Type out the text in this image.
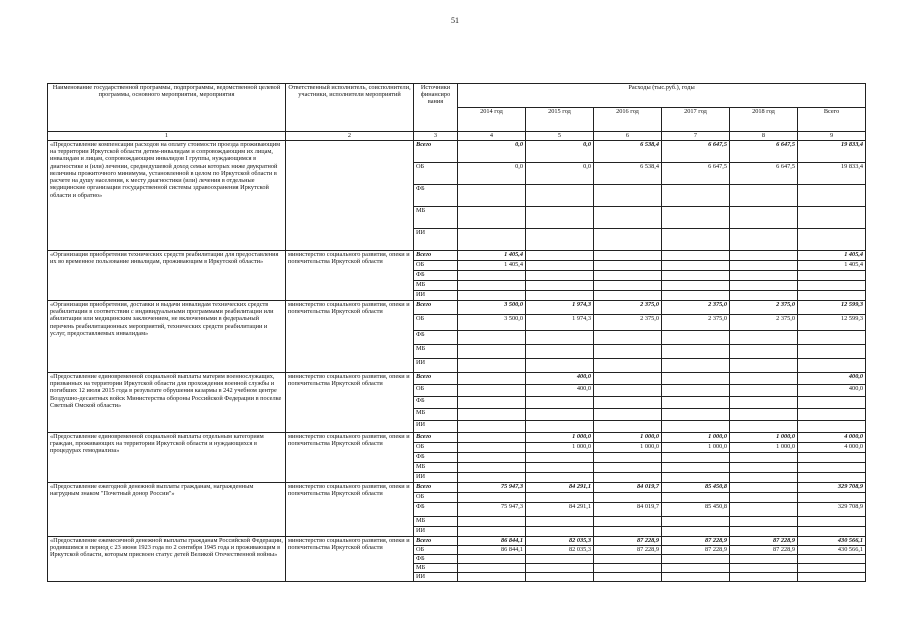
51
Наименование государственной программы, подпрограммы, ведомственной целевой программы, основного мероприятия, мероприятия	Ответственный исполнитель, соисполнители, участники, исполнители мероприятий	Источники финансиро вания	Расходы (тыс.руб.), годы					
			2014 год	2015 год	2016 год	2017 год	2018 год	Всего
1	2	3	4	5	6	7	8	9
«Предоставление компенсации расходов на оплату стоимости проезда проживающим на территории Иркутской области детям-инвалидам и сопровождающим их лицам, инвалидам и лицам, сопровождающим инвалидов I группы, нуждающимся в диагностике и (или) лечении, среднедушевой доход семьи которых ниже двукратной величины прожиточного минимума, установленной в целом по Иркутской области в расчете на душу населения, к месту диагностики (или) лечения в отдельные медицинские организации государственной системы здравоохранения Иркутской области и обратно»		Всего	0,0	0,0	6 538,4	6 647,5	6 647,5	19 833,4
		ОБ	0,0	0,0	6 538,4	6 647,5	6 647,5	19 833,4
		ФБ						
		МБ						
		ИИ						
«Организация приобретения технических средств реабилитации для предоставления их во временное пользование инвалидам, проживающим в Иркутской области»	министерство социального развития, опеки и попечительства Иркутской области	Всего	1 405,4					1 405,4
		ОБ	1 405,4					1 405,4
		ФБ						
		МБ						
		ИИ						
«Организация приобретения, доставки и выдачи инвалидам технических средств реабилитации в соответствии с индивидуальными программами реабилитации или абилитации или медицинским заключением, не включенными в федеральный перечень реабилитационных мероприятий, технических средств реабилитации и услуг, предоставляемых инвалидам»	министерство социального развития, опеки и попечительства Иркутской области	Всего	3 500,0	1 974,3	2 375,0	2 375,0	2 375,0	12 599,3
		ОБ	3 500,0	1 974,3	2 375,0	2 375,0	2 375,0	12 599,3
		ФБ						
		МБ						
		ИИ						
«Предоставление единовременной социальной выплаты матерям военнослужащих, призванных на территории Иркутской области для прохождения военной службы и погибших 12 июля 2015 года в результате обрушения казармы в 242 учебном центре Воздушно-десантных войск Министерства обороны Российской Федерации в поселке Светлый Омской области»	министерство социального развития, опеки и попечительства Иркутской области	Всего		400,0				400,0
		ОБ		400,0				400,0
		ФБ						
		МБ						
		ИИ						
«Предоставление единовременной социальной выплаты отдельным категориям граждан, проживающих на территории Иркутской области и нуждающихся в процедурах гемодиализа»	министерство социального развития, опеки и попечительства Иркутской области	Всего		1 000,0	1 000,0	1 000,0	1 000,0	4 000,0
		ОБ		1 000,0	1 000,0	1 000,0	1 000,0	4 000,0
		ФБ						
		МБ						
		ИИ						
«Предоставление ежегодной денежной выплаты гражданам, награжденным нагрудным знаком "Почетный донор России"»	министерство социального развития, опеки и попечительства Иркутской области	Всего	75 947,3	84 291,1	84 019,7	85 450,8		329 708,9
		ОБ						
		ФБ	75 947,3	84 291,1	84 019,7	85 450,8		329 708,9
		МБ						
		ИИ						
«Предоставление ежемесячной денежной выплаты гражданам Российской Федерации, родившимся в период с 23 июня 1923 года по 2 сентября 1945 года и проживающим в Иркутской области, которым присвоен статус детей Великой Отечественной войны»	министерство социального развития, опеки и попечительства Иркутской области	Всего	86 844,1	82 035,3	87 228,9	87 228,9	87 228,9	430 566,1
		ОБ	86 844,1	82 035,3	87 228,9	87 228,9	87 228,9	430 566,1
		ФБ						
		МБ						
		ИИ						
